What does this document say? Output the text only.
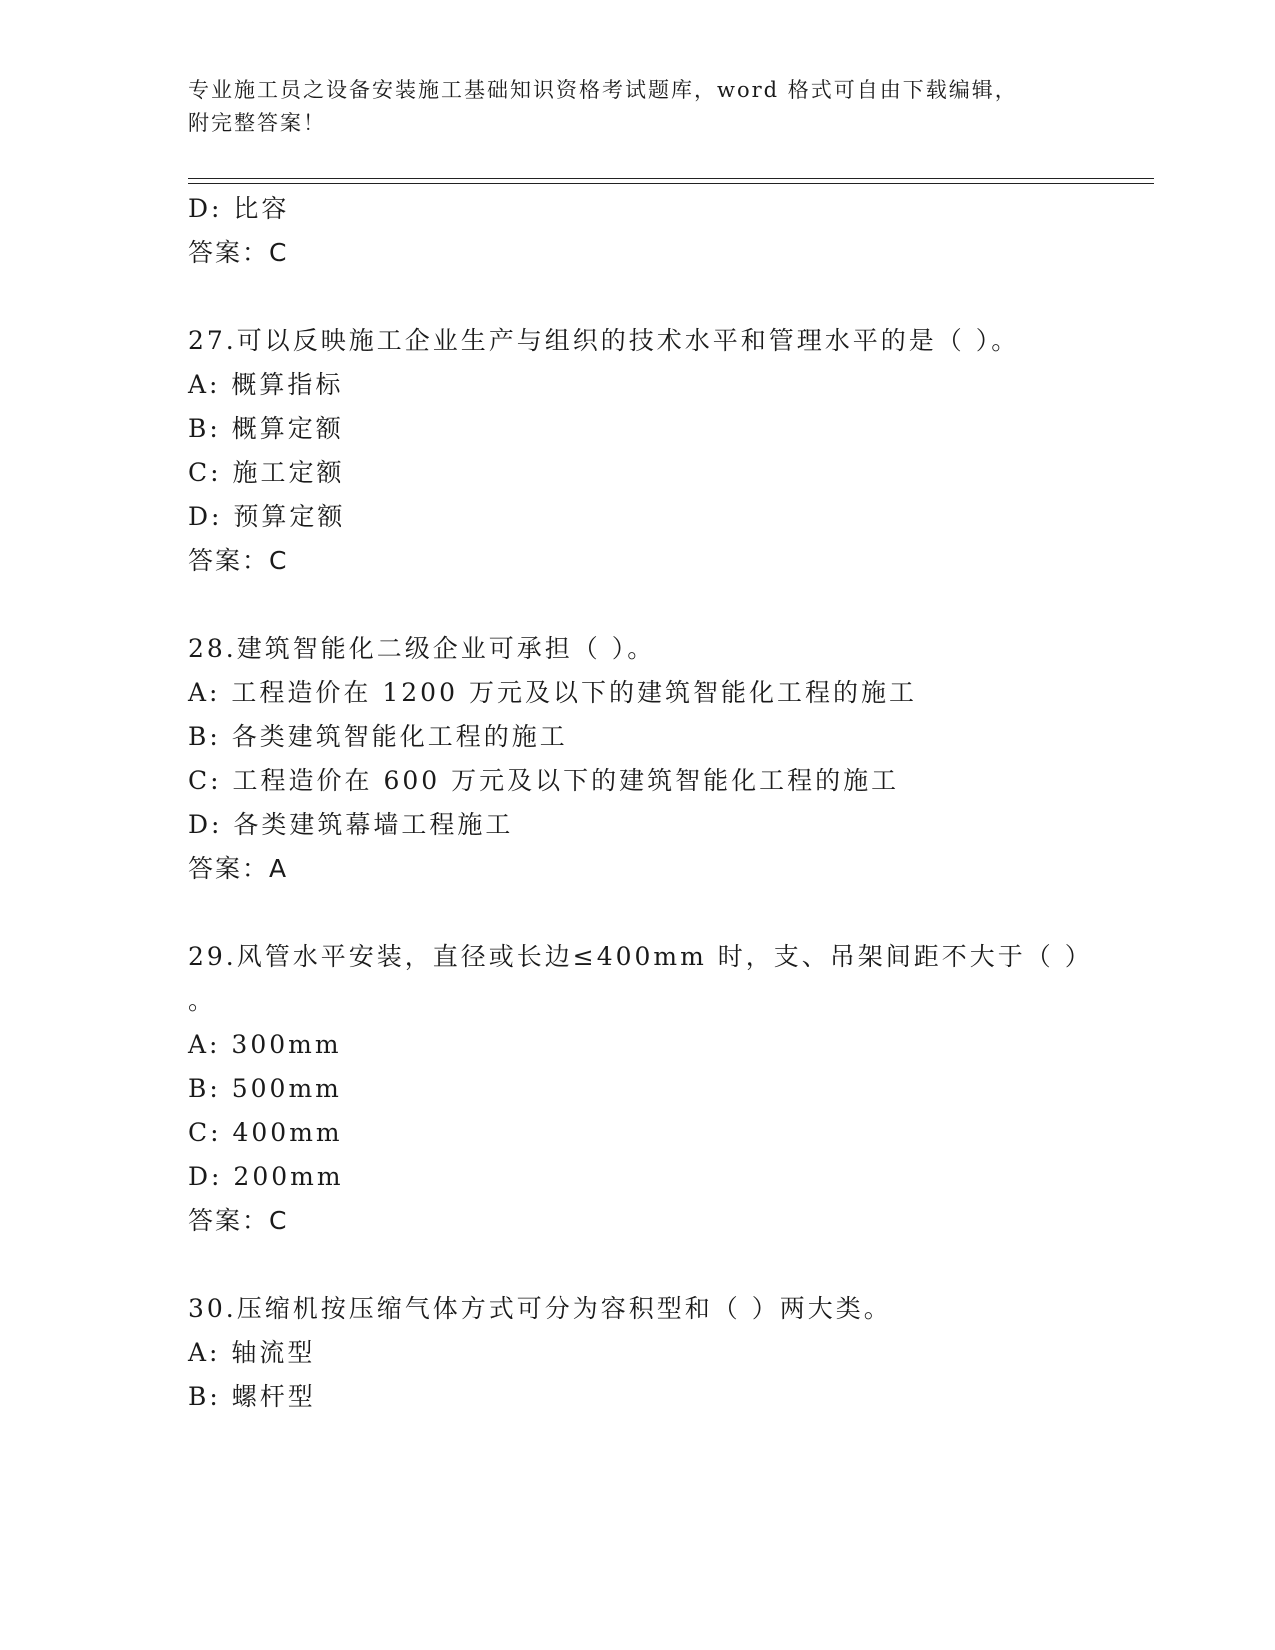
专业施工员之设备安装施工基础知识资格考试题库，word 格式可自由下载编辑，
附完整答案！
D: 比容
答案：C
27.可以反映施工企业生产与组织的技术水平和管理水平的是（ ）。
A: 概算指标
B: 概算定额
C: 施工定额
D: 预算定额
答案：C
28.建筑智能化二级企业可承担（ ）。
A: 工程造价在 1200 万元及以下的建筑智能化工程的施工
B: 各类建筑智能化工程的施工
C: 工程造价在 600 万元及以下的建筑智能化工程的施工
D: 各类建筑幕墙工程施工
答案：A
29.风管水平安装，直径或长边≤400mm 时，支、吊架间距不大于（ ）
。
A: 300mm
B: 500mm
C: 400mm
D: 200mm
答案：C
30.压缩机按压缩气体方式可分为容积型和（ ）两大类。
A: 轴流型
B: 螺杆型
